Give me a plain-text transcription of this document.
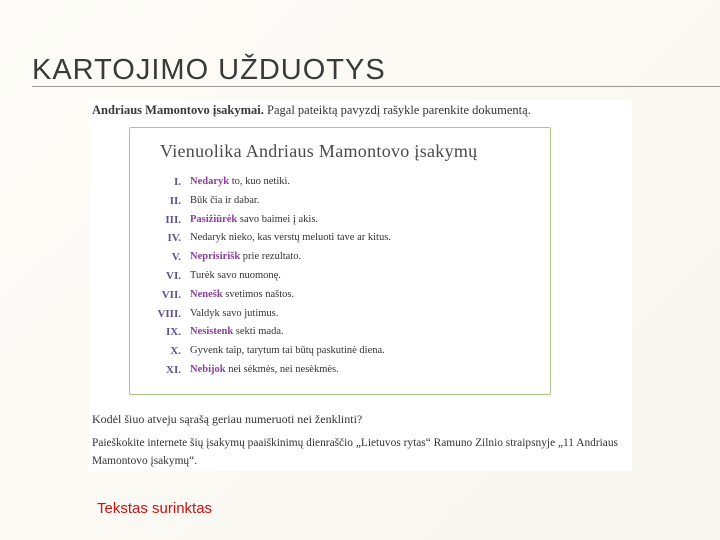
KARTOJIMO UŽDUOTYS
Andriaus Mamontovo įsakymai. Pagal pateiktą pavyzdį rašykle parenkite dokumentą.
Vienuolika Andriaus Mamontovo įsakymų
I. Nedaryk to, kuo netiki.
II. Būk čia ir dabar.
III. Pasižiūrėk savo baimei į akis.
IV. Nedaryk nieko, kas verstų meluoti tave ar kitus.
V. Neprisirišk prie rezultato.
VI. Turėk savo nuomonę.
VII. Nenešk svetimos naštos.
VIII. Valdyk savo jutimus.
IX. Nesistenk sekti mada.
X. Gyvenk taip, tarytum tai būtų paskutinė diena.
XI. Nebijok nei sėkmės, nei nesėkmės.
Kodėl šiuo atveju sąrašą geriau numeruoti nei ženklinti?
Paieškokite internete šių įsakymų paaiškinimų dienraščio „Lietuvos rytas“ Ramuno Zilnio straipsnyje „11 Andriaus Mamontovo įsakymų“.
Tekstas surinktas
